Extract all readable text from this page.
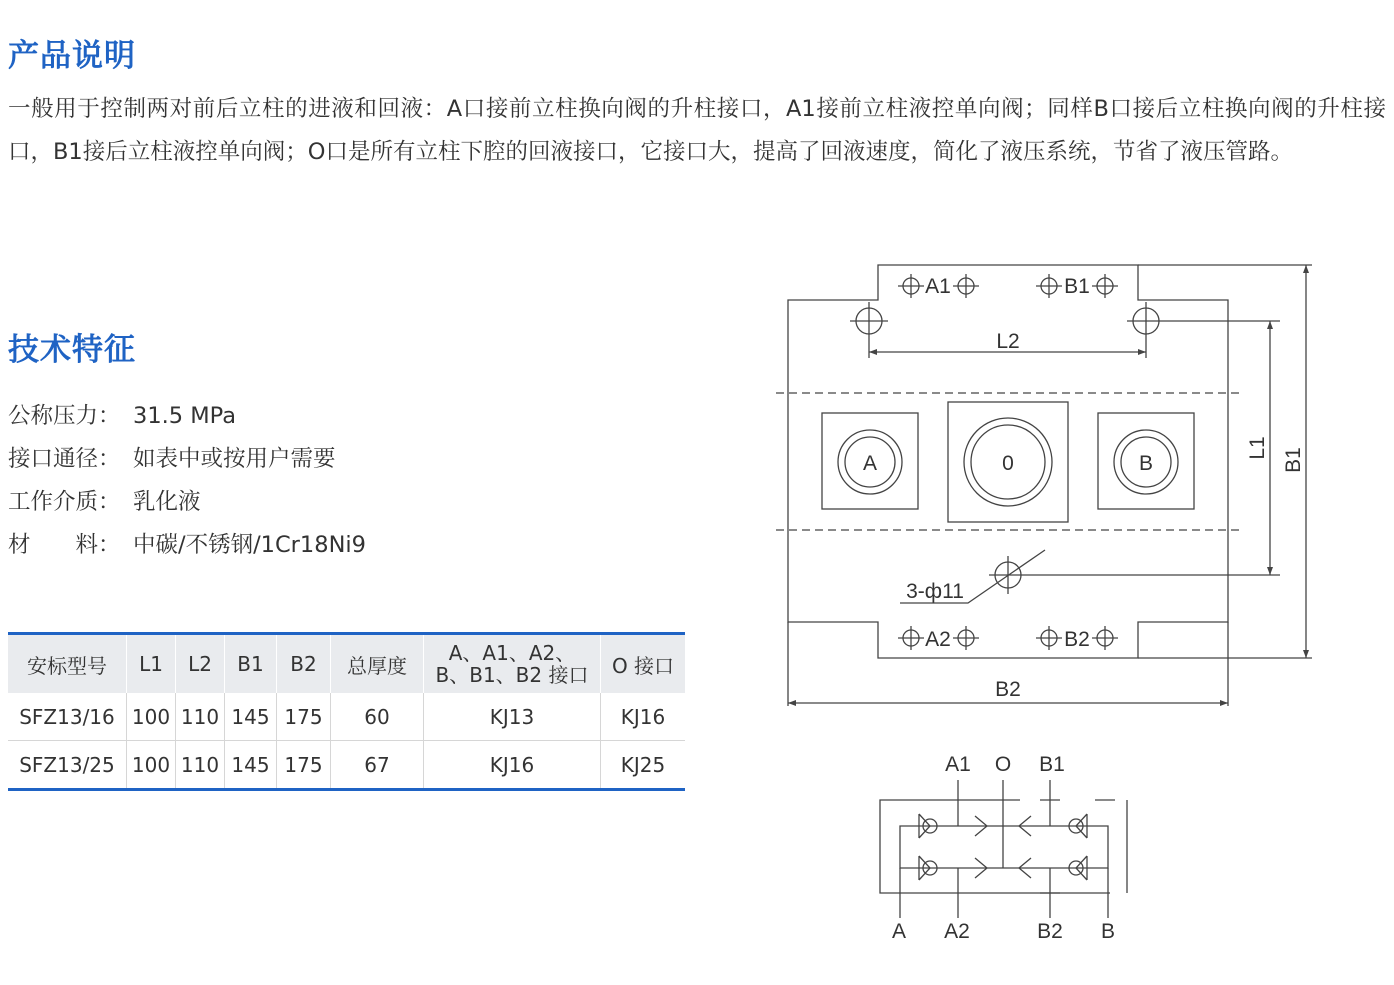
产品说明
一般用于控制两对前后立柱的进液和回液：A口接前立柱换向阀的升柱接口，A1接前立柱液控单向阀；同样B口接后立柱换向阀的升柱接口，B1接后立柱液控单向阀；O口是所有立柱下腔的回液接口，它接口大，提高了回液速度，简化了液压系统，节省了液压管路。
技术特征
公称压力： 31.5 MPa
接口通径： 如表中或按用户需要
工作介质： 乳化液
材　　料： 中碳/不锈钢/1Cr18Ni9
安标型号	L1	L2	B1	B2	总厚度	A、A1、A2、
B、B1、B2 接口	O 接口
SFZ13/16	100	110	145	175	60	KJ13	KJ16
SFZ13/25	100	110	145	175	67	KJ16	KJ25
A1	B1
L2
A	0	B
3-ф11
A2	B2
B2
L1 B1
A1 O B1
A A2	B2 B
